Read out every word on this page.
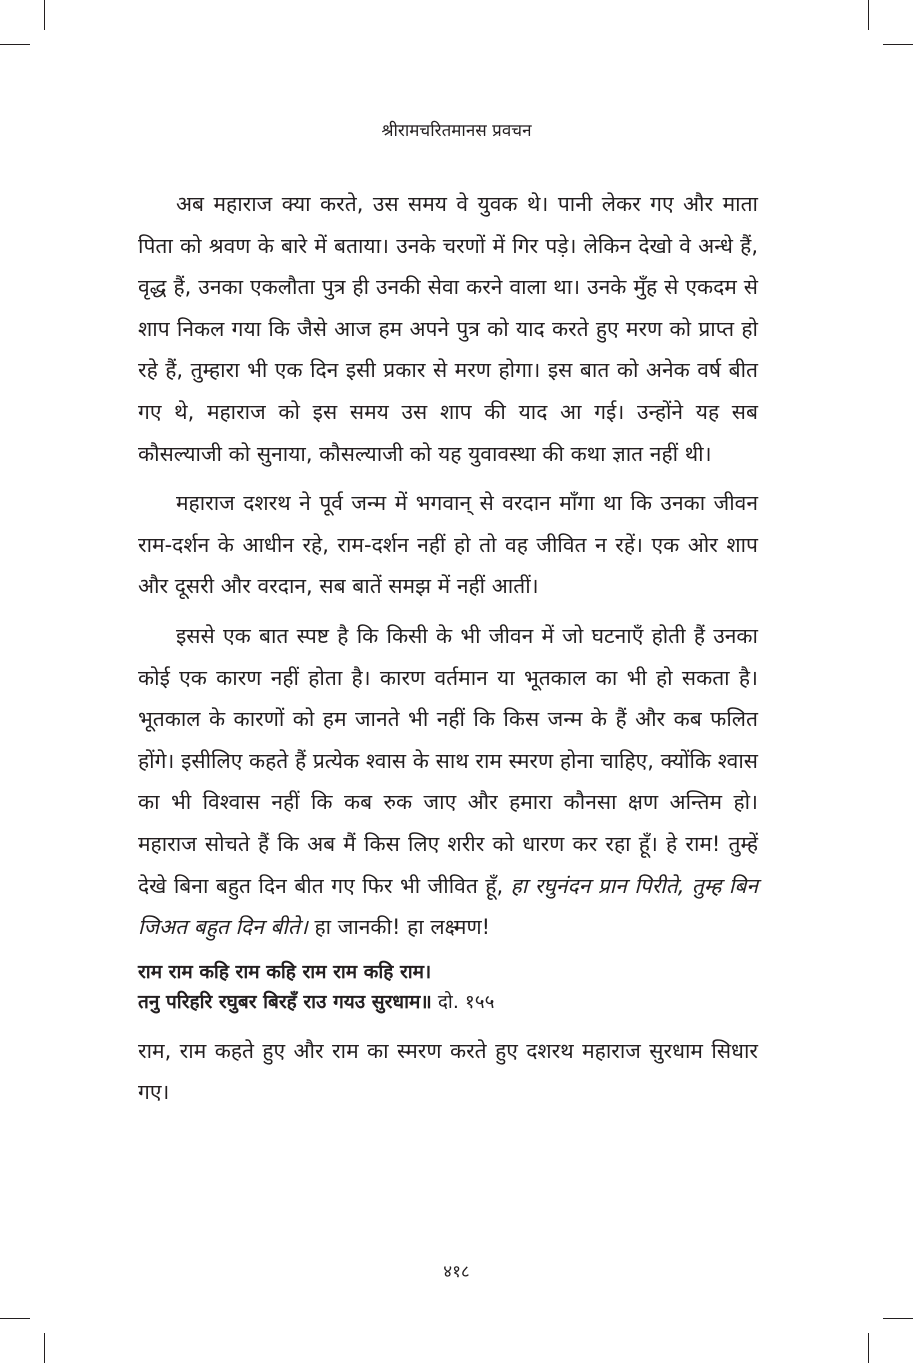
श्रीरामचरितमानस प्रवचन

अब महाराज क्या करते, उस समय वे युवक थे। पानी लेकर गए और माता पिता को श्रवण के बारे में बताया। उनके चरणों में गिर पड़े। लेकिन देखो वे अन्धे हैं, वृद्ध हैं, उनका एकलौता पुत्र ही उनकी सेवा करने वाला था। उनके मुँह से एकदम से शाप निकल गया कि जैसे आज हम अपने पुत्र को याद करते हुए मरण को प्राप्त हो रहे हैं, तुम्हारा भी एक दिन इसी प्रकार से मरण होगा। इस बात को अनेक वर्ष बीत गए थे, महाराज को इस समय उस शाप की याद आ गई। उन्होंने यह सब कौसल्याजी को सुनाया, कौसल्याजी को यह युवावस्था की कथा ज्ञात नहीं थी।

महाराज दशरथ ने पूर्व जन्म में भगवान् से वरदान माँगा था कि उनका जीवन राम-दर्शन के आधीन रहे, राम-दर्शन नहीं हो तो वह जीवित न रहें। एक ओर शाप और दूसरी और वरदान, सब बातें समझ में नहीं आतीं।

इससे एक बात स्पष्ट है कि किसी के भी जीवन में जो घटनाएँ होती हैं उनका कोई एक कारण नहीं होता है। कारण वर्तमान या भूतकाल का भी हो सकता है। भूतकाल के कारणों को हम जानते भी नहीं कि किस जन्म के हैं और कब फलित होंगे। इसीलिए कहते हैं प्रत्येक श्वास के साथ राम स्मरण होना चाहिए, क्योंकि श्वास का भी विश्वास नहीं कि कब रुक जाए और हमारा कौनसा क्षण अन्तिम हो। महाराज सोचते हैं कि अब मैं किस लिए शरीर को धारण कर रहा हूँ। हे राम! तुम्हें देखे बिना बहुत दिन बीत गए फिर भी जीवित हूँ, हा रघुनंदन प्रान पिरीते, तुम्ह बिन जिअत बहुत दिन बीते। हा जानकी! हा लक्ष्मण!

राम राम कहि राम कहि राम राम कहि राम।
तनु परिहरि रघुबर बिरहँ राउ गयउ सुरधाम॥ दो. १५५

राम, राम कहते हुए और राम का स्मरण करते हुए दशरथ महाराज सुरधाम सिधार गए।

४१८
